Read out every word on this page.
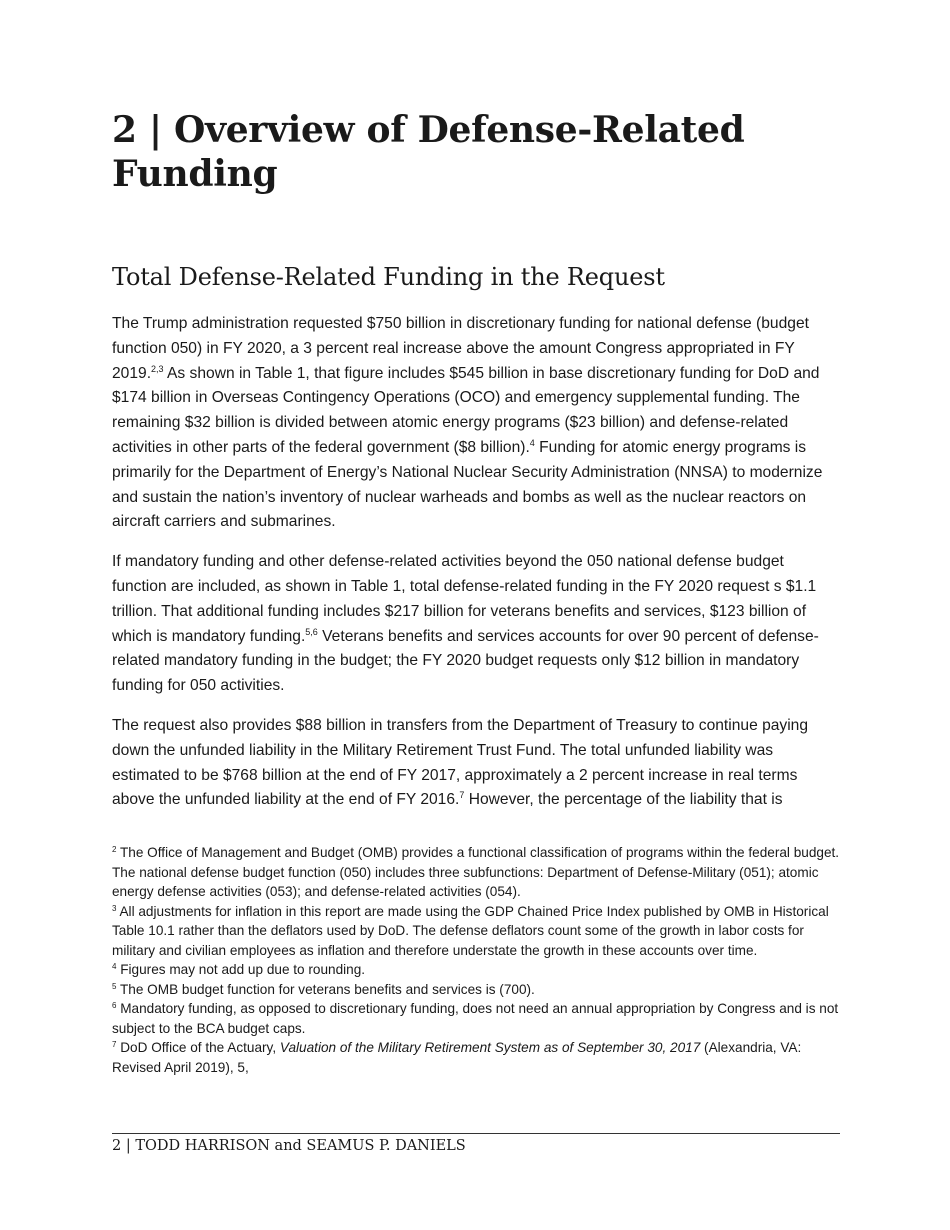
2 | Overview of Defense-Related Funding
Total Defense-Related Funding in the Request

The Trump administration requested $750 billion in discretionary funding for national defense (budget function 050) in FY 2020, a 3 percent real increase above the amount Congress appropriated in FY 2019.$^{2,3}$ As shown in Table 1, that figure includes $545 billion in base discretionary funding for DoD and $174 billion in Overseas Contingency Operations (OCO) and emergency supplemental funding. The remaining $32 billion is divided between atomic energy programs ($23 billion) and defense-related activities in other parts of the federal government ($8 billion).$^4$ Funding for atomic energy programs is primarily for the Department of Energy’s National Nuclear Security Administration (NNSA) to modernize and sustain the nation’s inventory of nuclear warheads and bombs as well as the nuclear reactors on aircraft carriers and submarines.

If mandatory funding and other defense-related activities beyond the 050 national defense budget function are included, as shown in Table 1, total defense-related funding in the FY 2020 request s $1.1 trillion. That additional funding includes $217 billion for veterans benefits and services, $123 billion of which is mandatory funding.$^{5,6}$ Veterans benefits and services accounts for over 90 percent of defense-related mandatory funding in the budget; the FY 2020 budget requests only $12 billion in mandatory funding for 050 activities.

The request also provides $88 billion in transfers from the Department of Treasury to continue paying down the unfunded liability in the Military Retirement Trust Fund. The total unfunded liability was estimated to be $768 billion at the end of FY 2017, approximately a 2 percent increase in real terms above the unfunded liability at the end of FY 2016.$^7$ However, the percentage of the liability that is

$^2$ The Office of Management and Budget (OMB) provides a functional classification of programs within the federal budget. The national defense budget function (050) includes three subfunctions: Department of Defense-Military (051); atomic energy defense activities (053); and defense-related activities (054).

$^3$ All adjustments for inflation in this report are made using the GDP Chained Price Index published by OMB in Historical Table 10.1 rather than the deflators used by DoD. The defense deflators count some of the growth in labor costs for military and civilian employees as inflation and therefore understate the growth in these accounts over time.

$^4$ Figures may not add up due to rounding.

$^5$ The OMB budget function for veterans benefits and services is (700).

$^6$ Mandatory funding, as opposed to discretionary funding, does not need an annual appropriation by Congress and is not subject to the BCA budget caps.

$^7$ DoD Office of the Actuary, Valuation of the Military Retirement System as of September 30, 2017 (Alexandria, VA: Revised April 2019), 5,

2 | TODD HARRISON and SEAMUS P. DANIELS
